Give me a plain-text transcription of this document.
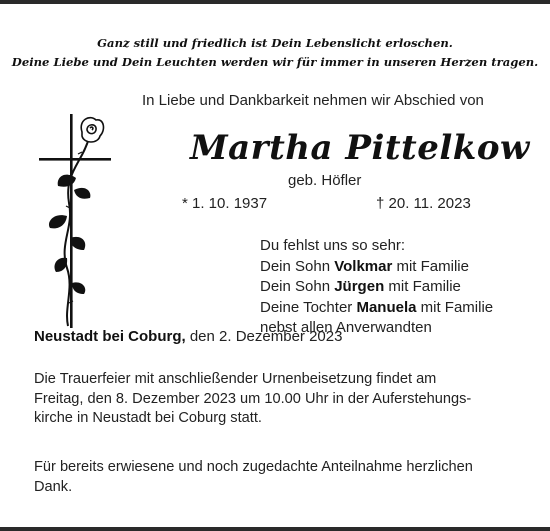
Ganz still und friedlich ist Dein Lebenslicht erloschen.
Deine Liebe und Dein Leuchten werden wir für immer in unseren Herzen tragen.
In Liebe und Dankbarkeit nehmen wir Abschied von
Martha Pittelkow
geb. Höfler
* 1. 10. 1937	† 20. 11. 2023
Du fehlst uns so sehr:
Dein Sohn Volkmar mit Familie
Dein Sohn Jürgen mit Familie
Deine Tochter Manuela mit Familie
nebst allen Anverwandten
Neustadt bei Coburg, den 2. Dezember 2023
Die Trauerfeier mit anschließender Urnenbeisetzung findet am
Freitag, den 8. Dezember 2023 um 10.00 Uhr in der Auferstehungs-
kirche in Neustadt bei Coburg statt.
Für bereits erwiesene und noch zugedachte Anteilnahme herzlichen
Dank.
